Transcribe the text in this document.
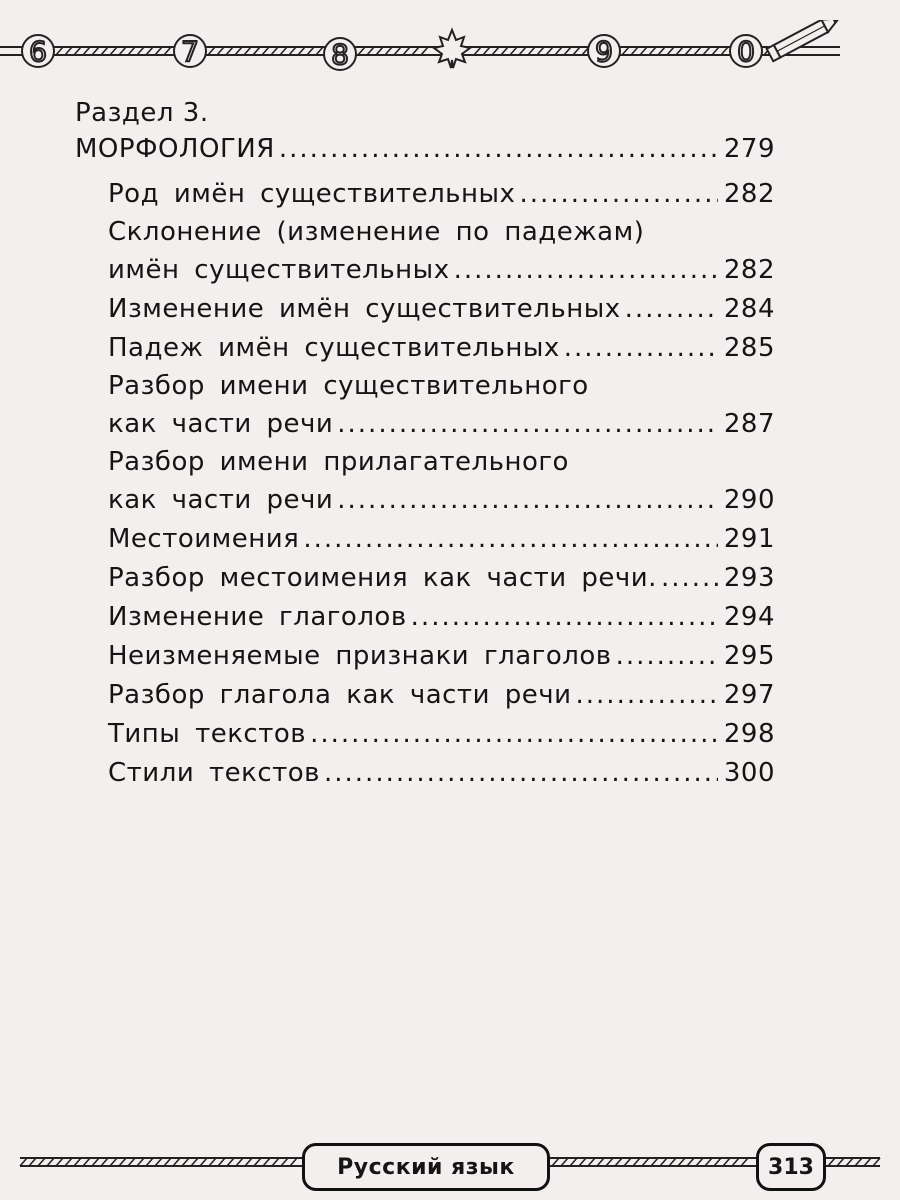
6	7	8	9	0
Раздел 3.
МОРФОЛОГИЯ .....	279
Род имён существительных .....	282
Склонение (изменение по падежам)
имён существительных .....	282
Изменение имён существительных .....	284
Падеж имён существительных .....	285
Разбор имени существительного
как части речи .....	287
Разбор имени прилагательного
как части речи .....	290
Местоимения .....	291
Разбор местоимения как части речи. .....	293
Изменение глаголов .....	294
Неизменяемые признаки глаголов .....	295
Разбор глагола как части речи .....	297
Типы текстов .....	298
Стили текстов .....	300
Русский язык	313
